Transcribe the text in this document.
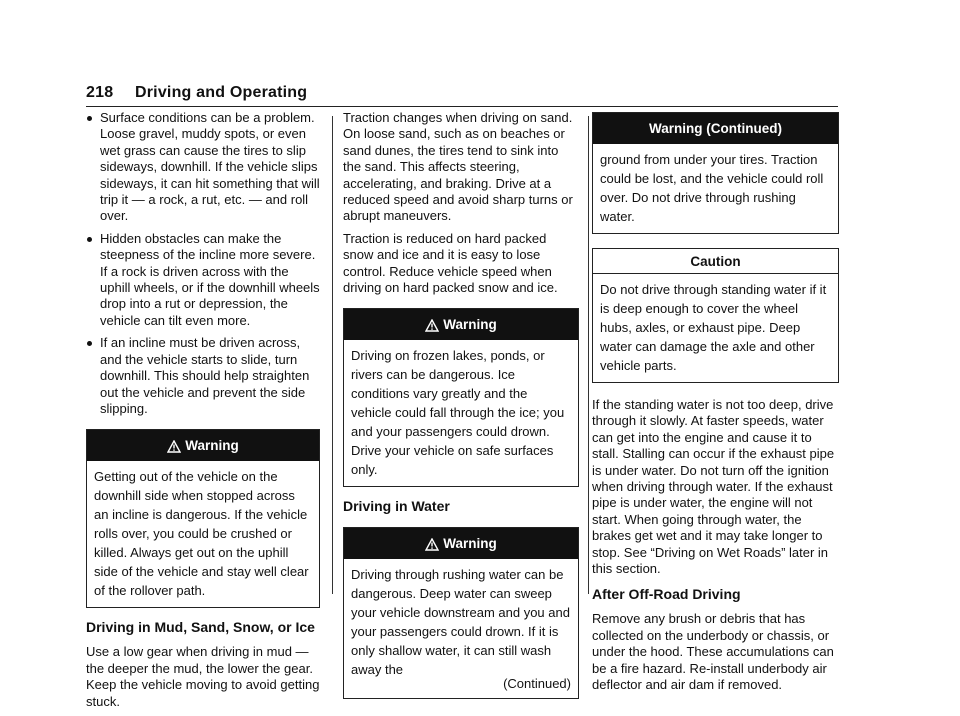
218 Driving and Operating
Surface conditions can be a problem. Loose gravel, muddy spots, or even wet grass can cause the tires to slip sideways, downhill. If the vehicle slips sideways, it can hit something that will trip it — a rock, a rut, etc. — and roll over.
Hidden obstacles can make the steepness of the incline more severe. If a rock is driven across with the uphill wheels, or if the downhill wheels drop into a rut or depression, the vehicle can tilt even more.
If an incline must be driven across, and the vehicle starts to slide, turn downhill. This should help straighten out the vehicle and prevent the side slipping.
Warning
Getting out of the vehicle on the downhill side when stopped across an incline is dangerous. If the vehicle rolls over, you could be crushed or killed. Always get out on the uphill side of the vehicle and stay well clear of the rollover path.
Driving in Mud, Sand, Snow, or Ice

Use a low gear when driving in mud — the deeper the mud, the lower the gear. Keep the vehicle moving to avoid getting stuck.

Traction changes when driving on sand. On loose sand, such as on beaches or sand dunes, the tires tend to sink into the sand. This affects steering, accelerating, and braking. Drive at a reduced speed and avoid sharp turns or abrupt maneuvers.

Traction is reduced on hard packed snow and ice and it is easy to lose control. Reduce vehicle speed when driving on hard packed snow and ice.

Warning
Driving on frozen lakes, ponds, or rivers can be dangerous. Ice conditions vary greatly and the vehicle could fall through the ice; you and your passengers could drown. Drive your vehicle on safe surfaces only.
Driving in Water
Warning
Driving through rushing water can be dangerous. Deep water can sweep your vehicle downstream and you and your passengers could drown. If it is only shallow water, it can still wash away the
(Continued)
Warning (Continued)
ground from under your tires. Traction could be lost, and the vehicle could roll over. Do not drive through rushing water.
Caution
Do not drive through standing water if it is deep enough to cover the wheel hubs, axles, or exhaust pipe. Deep water can damage the axle and other vehicle parts.

If the standing water is not too deep, drive through it slowly. At faster speeds, water can get into the engine and cause it to stall. Stalling can occur if the exhaust pipe is under water. Do not turn off the ignition when driving through water. If the exhaust pipe is under water, the engine will not start. When going through water, the brakes get wet and it may take longer to stop. See “Driving on Wet Roads” later in this section.

After Off-Road Driving

Remove any brush or debris that has collected on the underbody or chassis, or under the hood. These accumulations can be a fire hazard. Re-install underbody air deflector and air dam if removed.
